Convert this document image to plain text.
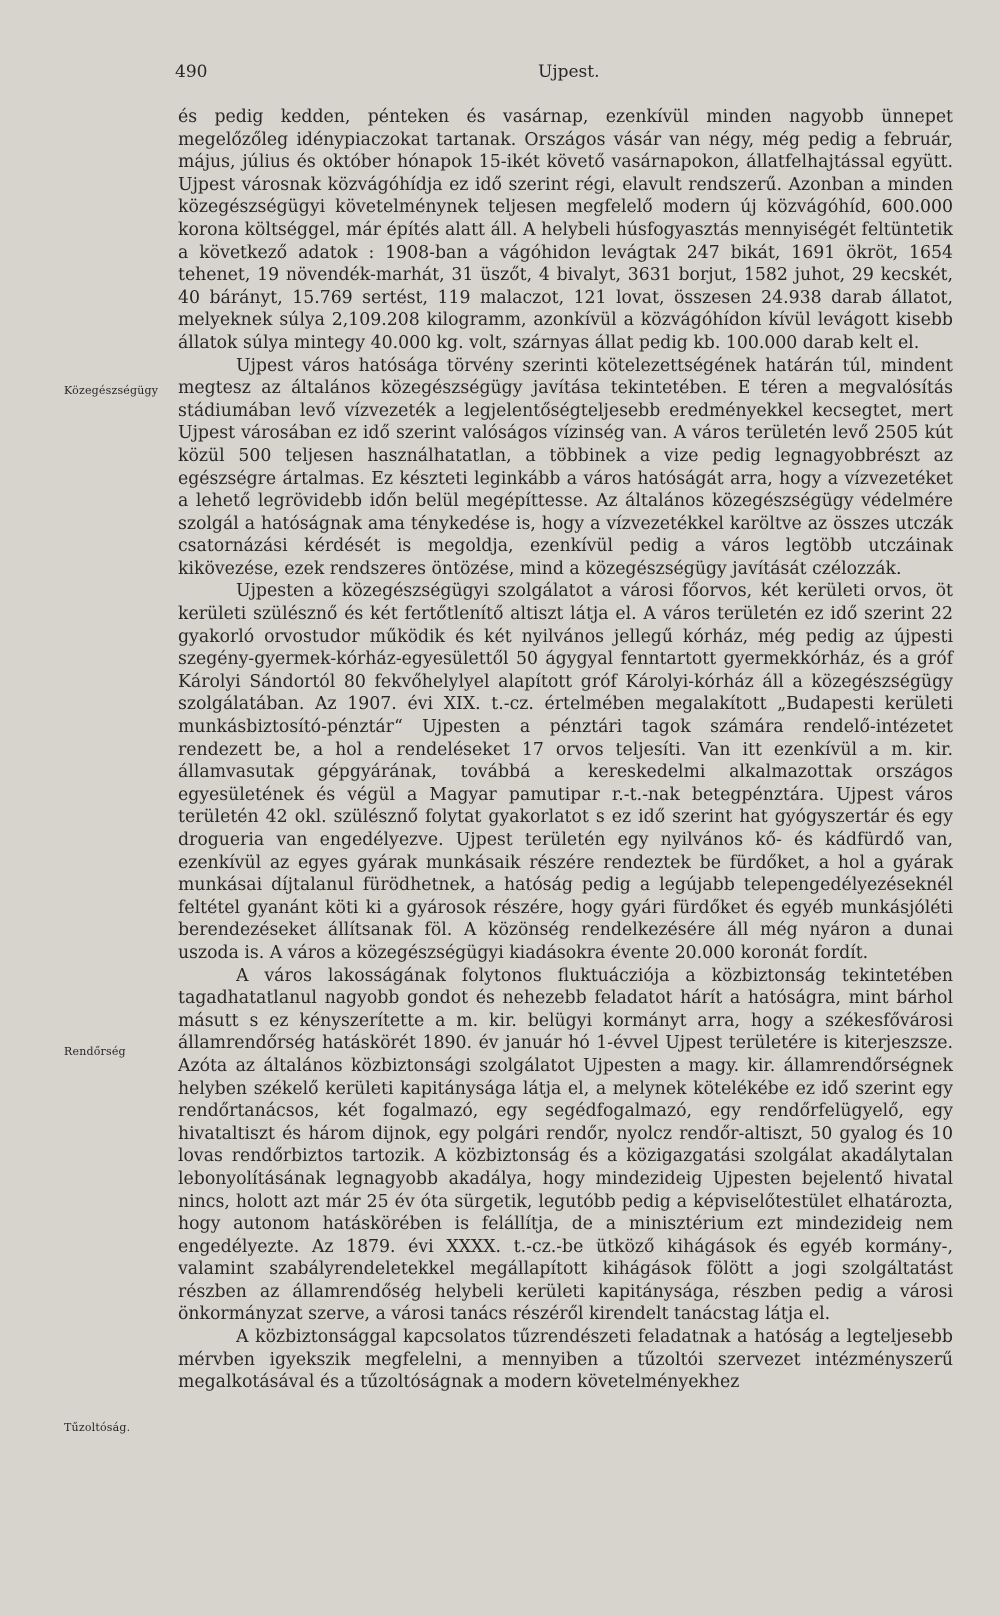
490	Ujpest.
Közegészségügy
Rendőrség
Tűzoltóság.

és pedig kedden, pénteken és vasárnap, ezenkívül minden nagyobb ünnepet megelőzőleg idénypiaczokat tartanak. Országos vásár van négy, még pedig a február, május, július és október hónapok 15-ikét követő vasárnapokon, állatfelhajtással együtt. Ujpest városnak közvágóhídja ez idő szerint régi, elavult rendszerű. Azonban a minden közegészségügyi követelménynek teljesen megfelelő modern új közvágóhíd, 600.000 korona költséggel, már építés alatt áll. A helybeli húsfogyasztás mennyiségét feltüntetik a következő adatok : 1908-ban a vágóhidon levágtak 247 bikát, 1691 ökröt, 1654 tehenet, 19 növendék-marhát, 31 üszőt, 4 bivalyt, 3631 borjut, 1582 juhot, 29 kecskét, 40 bárányt, 15.769 sertést, 119 malaczot, 121 lovat, összesen 24.938 darab állatot, melyeknek súlya 2,109.208 kilogramm, azonkívül a közvágóhídon kívül levágott kisebb állatok súlya mintegy 40.000 kg. volt, szárnyas állat pedig kb. 100.000 darab kelt el.

Ujpest város hatósága törvény szerinti kötelezettségének határán túl, mindent megtesz az általános közegészségügy javítása tekintetében. E téren a megvalósítás stádiumában levő vízvezeték a legjelentőségteljesebb eredményekkel kecsegtet, mert Ujpest városában ez idő szerint valóságos vízinség van. A város területén levő 2505 kút közül 500 teljesen használhatatlan, a többinek a vize pedig legnagyobbrészt az egészségre ártalmas. Ez készteti leginkább a város hatóságát arra, hogy a vízvezetéket a lehető legrövidebb időn belül megépíttesse. Az általános közegészségügy védelmére szolgál a hatóságnak ama ténykedése is, hogy a vízvezetékkel karöltve az összes utczák csatornázási kérdését is megoldja, ezenkívül pedig a város legtöbb utczáinak kikövezése, ezek rendszeres öntözése, mind a közegészségügy javítását czélozzák.

Ujpesten a közegészségügyi szolgálatot a városi főorvos, két kerületi orvos, öt kerületi szülésznő és két fertőtlenítő altiszt látja el. A város területén ez idő szerint 22 gyakorló orvostudor működik és két nyilvános jellegű kórház, még pedig az újpesti szegény-gyermek-kórház-egyesülettől 50 ágygyal fenntartott gyermekkórház, és a gróf Károlyi Sándortól 80 fekvőhelylyel alapított gróf Károlyi-kórház áll a közegészségügy szolgálatában. Az 1907. évi XIX. t.-cz. értelmében megalakított „Budapesti kerületi munkásbiztosító-pénztár“ Ujpesten a pénztári tagok számára rendelő-intézetet rendezett be, a hol a rendeléseket 17 orvos teljesíti. Van itt ezenkívül a m. kir. államvasutak gépgyárának, továbbá a kereskedelmi alkalmazottak országos egyesületének és végül a Magyar pamutipar r.-t.-nak betegpénztára. Ujpest város területén 42 okl. szülésznő folytat gyakorlatot s ez idő szerint hat gyógyszertár és egy drogueria van engedélyezve. Ujpest területén egy nyilvános kő- és kádfürdő van, ezenkívül az egyes gyárak munkásaik részére rendeztek be fürdőket, a hol a gyárak munkásai díjtalanul fürödhetnek, a hatóság pedig a legújabb telepengedélyezéseknél feltétel gyanánt köti ki a gyárosok részére, hogy gyári fürdőket és egyéb munkásjóléti berendezéseket állítsanak föl. A közönség rendelkezésére áll még nyáron a dunai uszoda is. A város a közegészségügyi kiadásokra évente 20.000 koronát fordít.

A város lakosságának folytonos fluktuácziója a közbiztonság tekintetében tagadhatatlanul nagyobb gondot és nehezebb feladatot hárít a hatóságra, mint bárhol másutt s ez kényszerítette a m. kir. belügyi kormányt arra, hogy a székesfővárosi államrendőrség hatáskörét 1890. év január hó 1-évvel Ujpest területére is kiterjeszsze. Azóta az általános közbiztonsági szolgálatot Ujpesten a magy. kir. államrendőrségnek helyben székelő kerületi kapitánysága látja el, a melynek kötelékébe ez idő szerint egy rendőrtanácsos, két fogalmazó, egy segédfogalmazó, egy rendőrfelügyelő, egy hivataltiszt és három dijnok, egy polgári rendőr, nyolcz rendőr-altiszt, 50 gyalog és 10 lovas rendőrbiztos tartozik. A közbiztonság és a közigazgatási szolgálat akadálytalan lebonyolításának legnagyobb akadálya, hogy mindezideig Ujpesten bejelentő hivatal nincs, holott azt már 25 év óta sürgetik, legutóbb pedig a képviselőtestület elhatározta, hogy autonom hatáskörében is felállítja, de a minisztérium ezt mindezideig nem engedélyezte. Az 1879. évi XXXX. t.-cz.-be ütköző kihágások és egyéb kormány-, valamint szabályrendeletekkel megállapított kihágások fölött a jogi szolgáltatást részben az államrendőség helybeli kerületi kapitánysága, részben pedig a városi önkormányzat szerve, a városi tanács részéről kirendelt tanácstag látja el.

A közbiztonsággal kapcsolatos tűzrendészeti feladatnak a hatóság a legteljesebb mérvben igyekszik megfelelni, a mennyiben a tűzoltói szervezet intézményszerű megalkotásával és a tűzoltóságnak a modern követelményekhez
